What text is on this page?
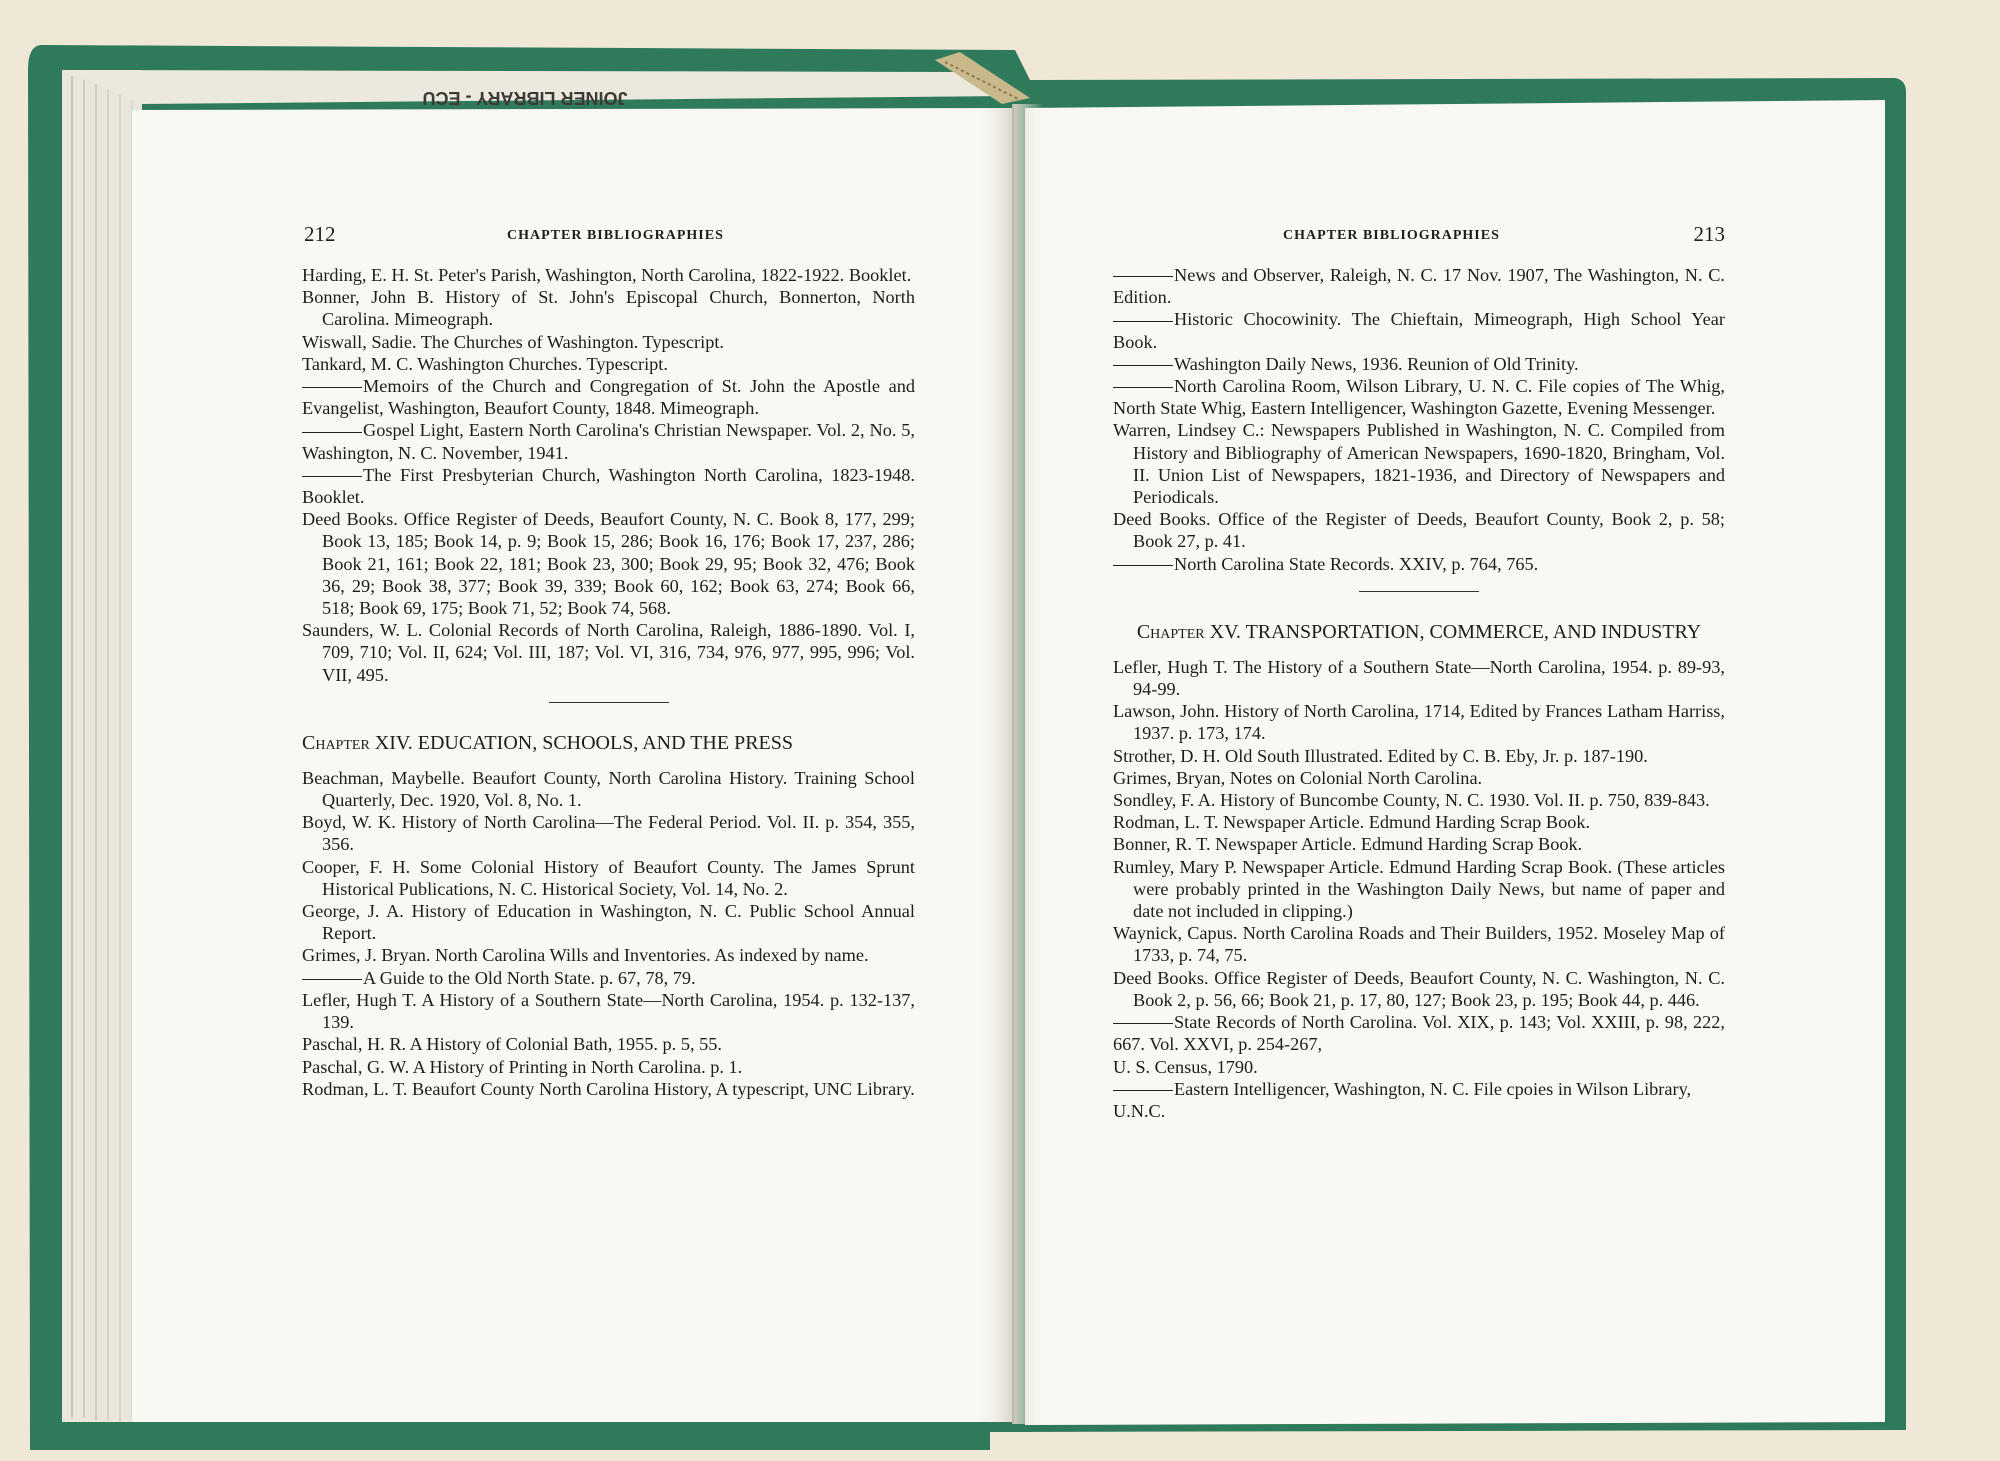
JOINER LIBRARY - ECU
212	CHAPTER BIBLIOGRAPHIES
Harding, E. H. St. Peter's Parish, Washington, North Carolina, 1822-1922. Booklet.
Bonner, John B. History of St. John's Episcopal Church, Bonnerton, North Carolina. Mimeograph.
Wiswall, Sadie. The Churches of Washington. Typescript.
Tankard, M. C. Washington Churches. Typescript.
Memoirs of the Church and Congregation of St. John the Apostle and Evangelist, Washington, Beaufort County, 1848. Mimeograph.
Gospel Light, Eastern North Carolina's Christian Newspaper. Vol. 2, No. 5, Washington, N. C. November, 1941.
The First Presbyterian Church, Washington North Carolina, 1823-1948. Booklet.
Deed Books. Office Register of Deeds, Beaufort County, N. C. Book 8, 177, 299; Book 13, 185; Book 14, p. 9; Book 15, 286; Book 16, 176; Book 17, 237, 286; Book 21, 161; Book 22, 181; Book 23, 300; Book 29, 95; Book 32, 476; Book 36, 29; Book 38, 377; Book 39, 339; Book 60, 162; Book 63, 274; Book 66, 518; Book 69, 175; Book 71, 52; Book 74, 568.
Saunders, W. L. Colonial Records of North Carolina, Raleigh, 1886-1890. Vol. I, 709, 710; Vol. II, 624; Vol. III, 187; Vol. VI, 316, 734, 976, 977, 995, 996; Vol. VII, 495.
Chapter XIV. EDUCATION, SCHOOLS, AND THE PRESS
Beachman, Maybelle. Beaufort County, North Carolina History. Training School Quarterly, Dec. 1920, Vol. 8, No. 1.
Boyd, W. K. History of North Carolina—The Federal Period. Vol. II. p. 354, 355, 356.
Cooper, F. H. Some Colonial History of Beaufort County. The James Sprunt Historical Publications, N. C. Historical Society, Vol. 14, No. 2.
George, J. A. History of Education in Washington, N. C. Public School Annual Report.
Grimes, J. Bryan. North Carolina Wills and Inventories. As indexed by name.
A Guide to the Old North State. p. 67, 78, 79.
Lefler, Hugh T. A History of a Southern State—North Carolina, 1954. p. 132-137, 139.
Paschal, H. R. A History of Colonial Bath, 1955. p. 5, 55.
Paschal, G. W. A History of Printing in North Carolina. p. 1.
Rodman, L. T. Beaufort County North Carolina History, A typescript, UNC Library.
CHAPTER BIBLIOGRAPHIES	213
News and Observer, Raleigh, N. C. 17 Nov. 1907, The Washington, N. C. Edition.
Historic Chocowinity. The Chieftain, Mimeograph, High School Year Book.
Washington Daily News, 1936. Reunion of Old Trinity.
North Carolina Room, Wilson Library, U. N. C. File copies of The Whig, North State Whig, Eastern Intelligencer, Washington Gazette, Evening Messenger.
Warren, Lindsey C.: Newspapers Published in Washington, N. C. Compiled from History and Bibliography of American Newspapers, 1690-1820, Bringham, Vol. II. Union List of Newspapers, 1821-1936, and Directory of Newspapers and Periodicals.
Deed Books. Office of the Register of Deeds, Beaufort County, Book 2, p. 58; Book 27, p. 41.
North Carolina State Records. XXIV, p. 764, 765.
Chapter XV. TRANSPORTATION, COMMERCE, AND INDUSTRY
Lefler, Hugh T. The History of a Southern State—North Carolina, 1954. p. 89-93, 94-99.
Lawson, John. History of North Carolina, 1714, Edited by Frances Latham Harriss, 1937. p. 173, 174.
Strother, D. H. Old South Illustrated. Edited by C. B. Eby, Jr. p. 187-190.
Grimes, Bryan, Notes on Colonial North Carolina.
Sondley, F. A. History of Buncombe County, N. C. 1930. Vol. II. p. 750, 839-843.
Rodman, L. T. Newspaper Article. Edmund Harding Scrap Book.
Bonner, R. T. Newspaper Article. Edmund Harding Scrap Book.
Rumley, Mary P. Newspaper Article. Edmund Harding Scrap Book. (These articles were probably printed in the Washington Daily News, but name of paper and date not included in clipping.)
Waynick, Capus. North Carolina Roads and Their Builders, 1952. Moseley Map of 1733, p. 74, 75.
Deed Books. Office Register of Deeds, Beaufort County, N. C. Washington, N. C. Book 2, p. 56, 66; Book 21, p. 17, 80, 127; Book 23, p. 195; Book 44, p. 446.
State Records of North Carolina. Vol. XIX, p. 143; Vol. XXIII, p. 98, 222, 667. Vol. XXVI, p. 254-267,
U. S. Census, 1790.
Eastern Intelligencer, Washington, N. C. File cpoies in Wilson Library, U.N.C.
